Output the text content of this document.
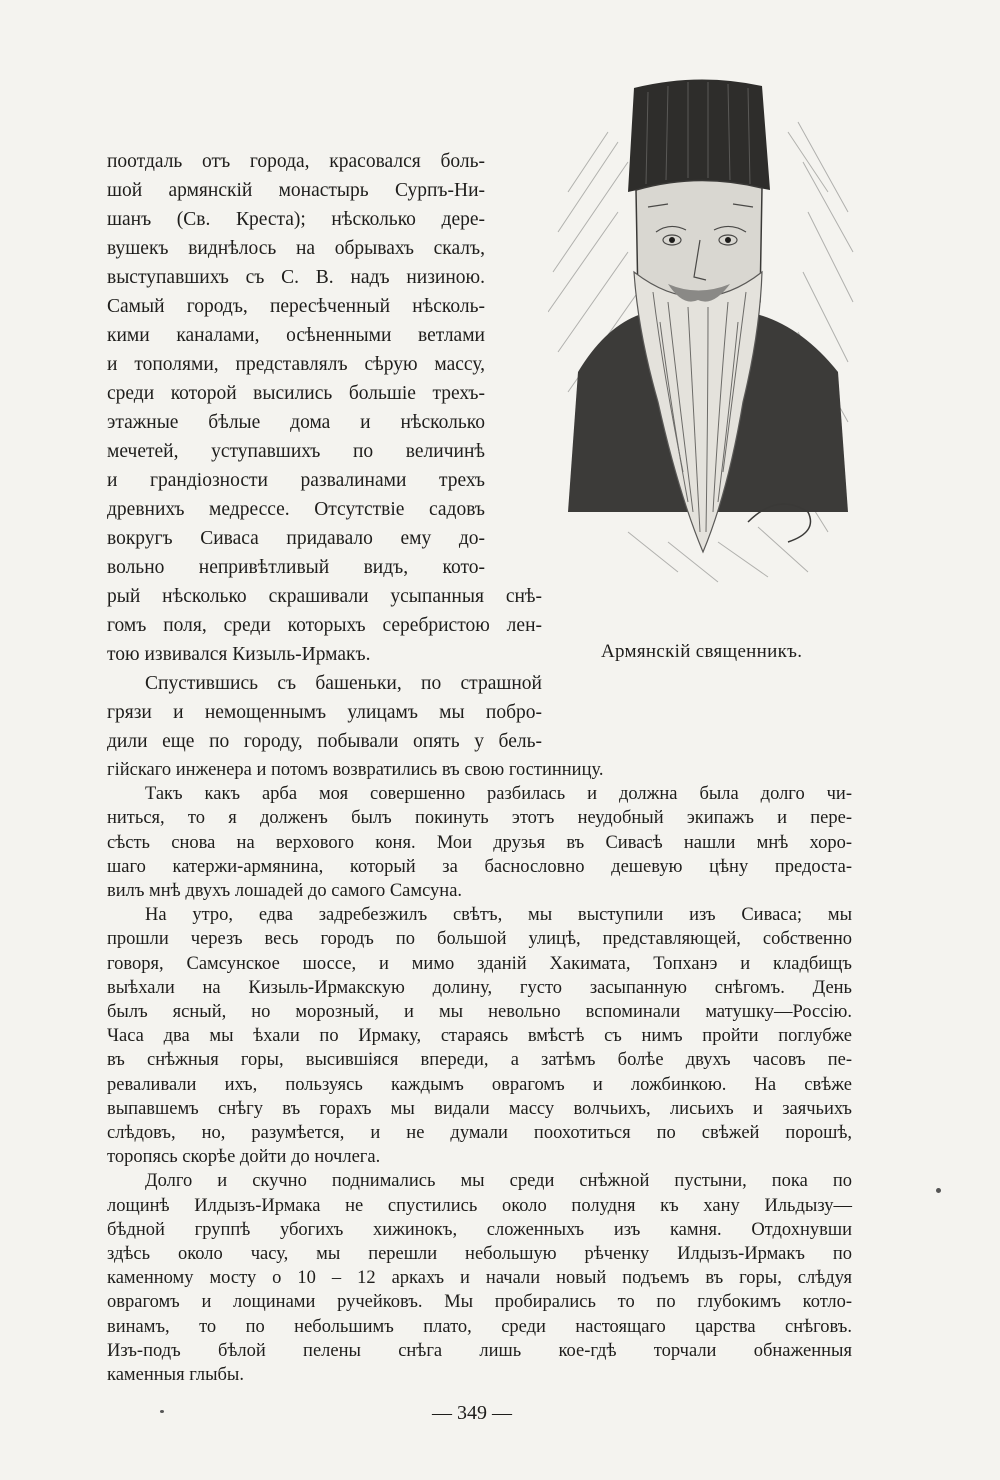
Армянскій священникъ.
поотдаль отъ города, красовался боль-
шой армянскій монастырь Сурпъ-Ни-
шанъ (Св. Креста); нѣсколько дере-
вушекъ виднѣлось на обрывахъ скалъ,
выступавшихъ съ С. В. надъ низиною.
Самый городъ, пересѣченный нѣсколь-
кими каналами, осѣненными ветлами
и тополями, представлялъ сѣрую массу,
среди которой высились большіе трехъ-
этажные бѣлые дома и нѣсколько
мечетей, уступавшихъ по величинѣ
и грандіозности развалинами трехъ
древнихъ медрессе. Отсутствіе садовъ
вокругъ Сиваса придавало ему до-
вольно непривѣтливый видъ, кото-
рый нѣсколько скрашивали усыпанныя снѣ-
гомъ поля, среди которыхъ серебристою лен-
тою извивался Кизыль-Ирмакъ.
Спустившись съ башеньки, по страшной
грязи и немощеннымъ улицамъ мы побро-
дили еще по городу, побывали опять у бель-
гійскаго инженера и потомъ возвратились въ свою гостинницу.
Такъ какъ арба моя совершенно разбилась и должна была долго чи-
ниться, то я долженъ былъ покинуть этотъ неудобный экипажъ и пере-
сѣсть снова на верхового коня. Мои друзья въ Сивасѣ нашли мнѣ хоро-
шаго катержи-армянина, который за баснословно дешевую цѣну предоста-
вилъ мнѣ двухъ лошадей до самого Самсуна.
На утро, едва задребезжилъ свѣтъ, мы выступили изъ Сиваса; мы
прошли черезъ весь городъ по большой улицѣ, представляющей, собственно
говоря, Самсунское шоссе, и мимо зданій Хакимата, Топханэ и кладбищъ
выѣхали на Кизыль-Ирмакскую долину, густо засыпанную снѣгомъ. День
былъ ясный, но морозный, и мы невольно вспоминали матушку—Россію.
Часа два мы ѣхали по Ирмаку, стараясь вмѣстѣ съ нимъ пройти поглубже
въ снѣжныя горы, высившіяся впереди, а затѣмъ болѣе двухъ часовъ пе-
реваливали ихъ, пользуясь каждымъ оврагомъ и ложбинкою. На свѣже
выпавшемъ снѣгу въ горахъ мы видали массу волчьихъ, лисьихъ и заячьихъ
слѣдовъ, но, разумѣется, и не думали поохотиться по свѣжей порошѣ,
торопясь скорѣе дойти до ночлега.
Долго и скучно поднимались мы среди снѣжной пустыни, пока по
лощинѣ Илдызъ-Ирмака не спустились около полудня къ хану Ильдызу—
бѣдной группѣ убогихъ хижинокъ, сложенныхъ изъ камня. Отдохнувши
здѣсь около часу, мы перешли небольшую рѣченку Илдызъ-Ирмакъ по
каменному мосту о 10 – 12 аркахъ и начали новый подъемъ въ горы, слѣдуя
оврагомъ и лощинами ручейковъ. Мы пробирались то по глубокимъ котло-
винамъ, то по небольшимъ плато, среди настоящаго царства снѣговъ.
Изъ-подъ бѣлой пелены снѣга лишь кое-гдѣ торчали обнаженныя
каменныя глыбы.
— 349 —
